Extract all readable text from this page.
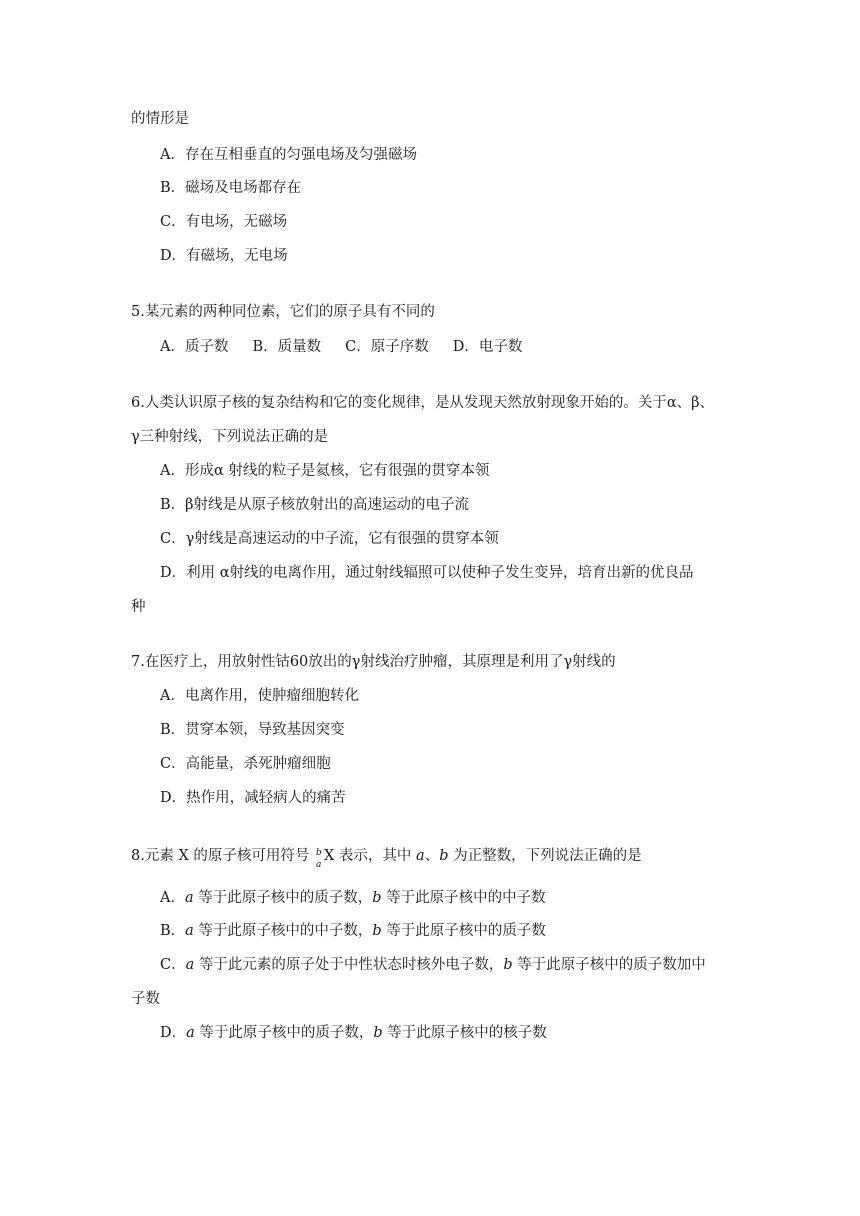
的情形是
A．存在互相垂直的匀强电场及匀强磁场
B．磁场及电场都存在
C．有电场，无磁场
D．有磁场，无电场
5.某元素的两种同位素，它们的原子具有不同的
A．质子数 B．质量数 C．原子序数 D．电子数
6.人类认识原子核的复杂结构和它的变化规律，是从发现天然放射现象开始的。关于α、β、
γ三种射线，下列说法正确的是
A．形成α 射线的粒子是氦核，它有很强的贯穿本领
B．β射线是从原子核放射出的高速运动的电子流
C．γ射线是高速运动的中子流，它有很强的贯穿本领
D．利用 α射线的电离作用，通过射线辐照可以使种子发生变异，培育出新的优良品
种
7.在医疗上，用放射性钴60放出的γ射线治疗肿瘤，其原理是利用了γ射线的
A．电离作用，使肿瘤细胞转化
B．贯穿本领，导致基因突变
C．高能量，杀死肿瘤细胞
D．热作用，减轻病人的痛苦
8.元素 X 的原子核可用符号 b
a
X 表示，其中 a、b 为正整数，下列说法正确的是
A．a 等于此原子核中的质子数，b 等于此原子核中的中子数
B．a 等于此原子核中的中子数，b 等于此原子核中的质子数
C．a 等于此元素的原子处于中性状态时核外电子数，b 等于此原子核中的质子数加中
子数
D．a 等于此原子核中的质子数，b 等于此原子核中的核子数
